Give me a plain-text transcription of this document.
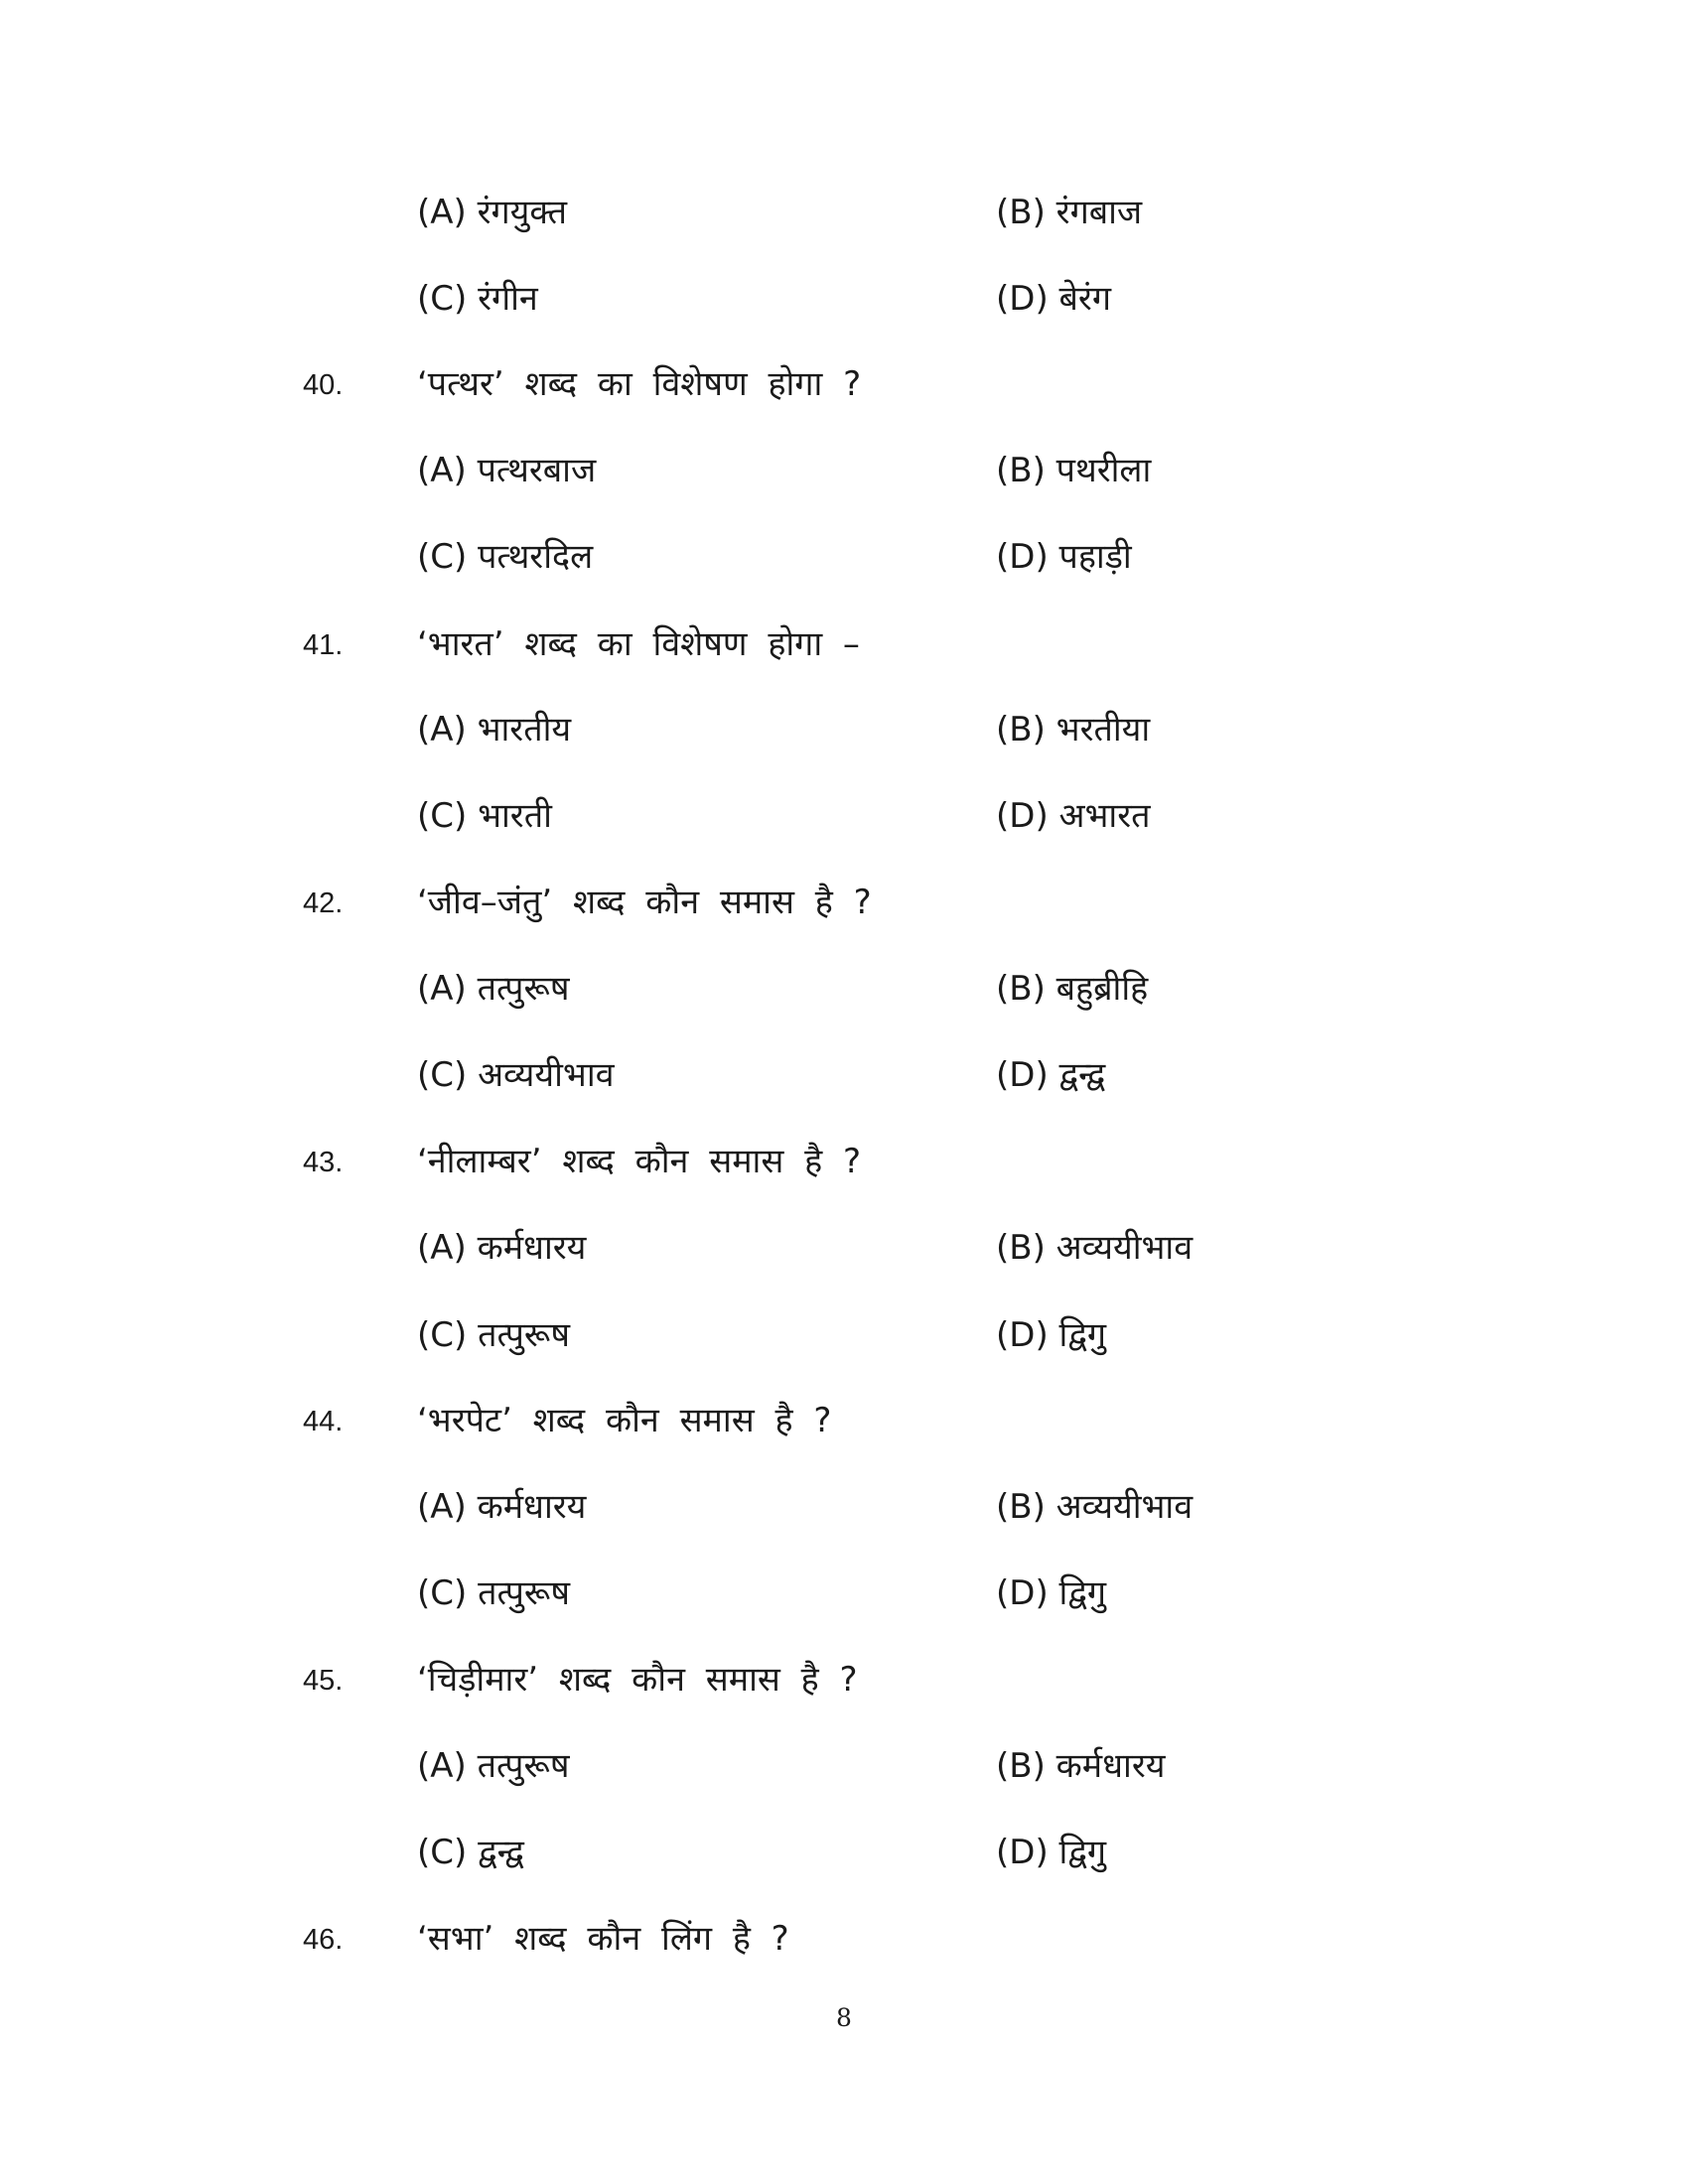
(A) रंगयुक्त	(B) रंगबाज
(C) रंगीन	(D) बेरंग
40. ‘पत्थर’ शब्द का विशेषण होगा ?
(A) पत्थरबाज	(B) पथरीला
(C) पत्थरदिल	(D) पहाड़ी
41. ‘भारत’ शब्द का विशेषण होगा –
(A) भारतीय	(B) भरतीया
(C) भारती	(D) अभारत
42. ‘जीव–जंतु’ शब्द कौन समास है ?
(A) तत्पुरूष	(B) बहुब्रीहि
(C) अव्ययीभाव	(D) द्वन्द्व
43. ‘नीलाम्बर’ शब्द कौन समास है ?
(A) कर्मधारय	(B) अव्ययीभाव
(C) तत्पुरूष	(D) द्विगु
44. ‘भरपेट’ शब्द कौन समास है ?
(A) कर्मधारय	(B) अव्ययीभाव
(C) तत्पुरूष	(D) द्विगु
45. ‘चिड़ीमार’ शब्द कौन समास है ?
(A) तत्पुरूष	(B) कर्मधारय
(C) द्वन्द्व	(D) द्विगु
46. ‘सभा’ शब्द कौन लिंग है ?
8
